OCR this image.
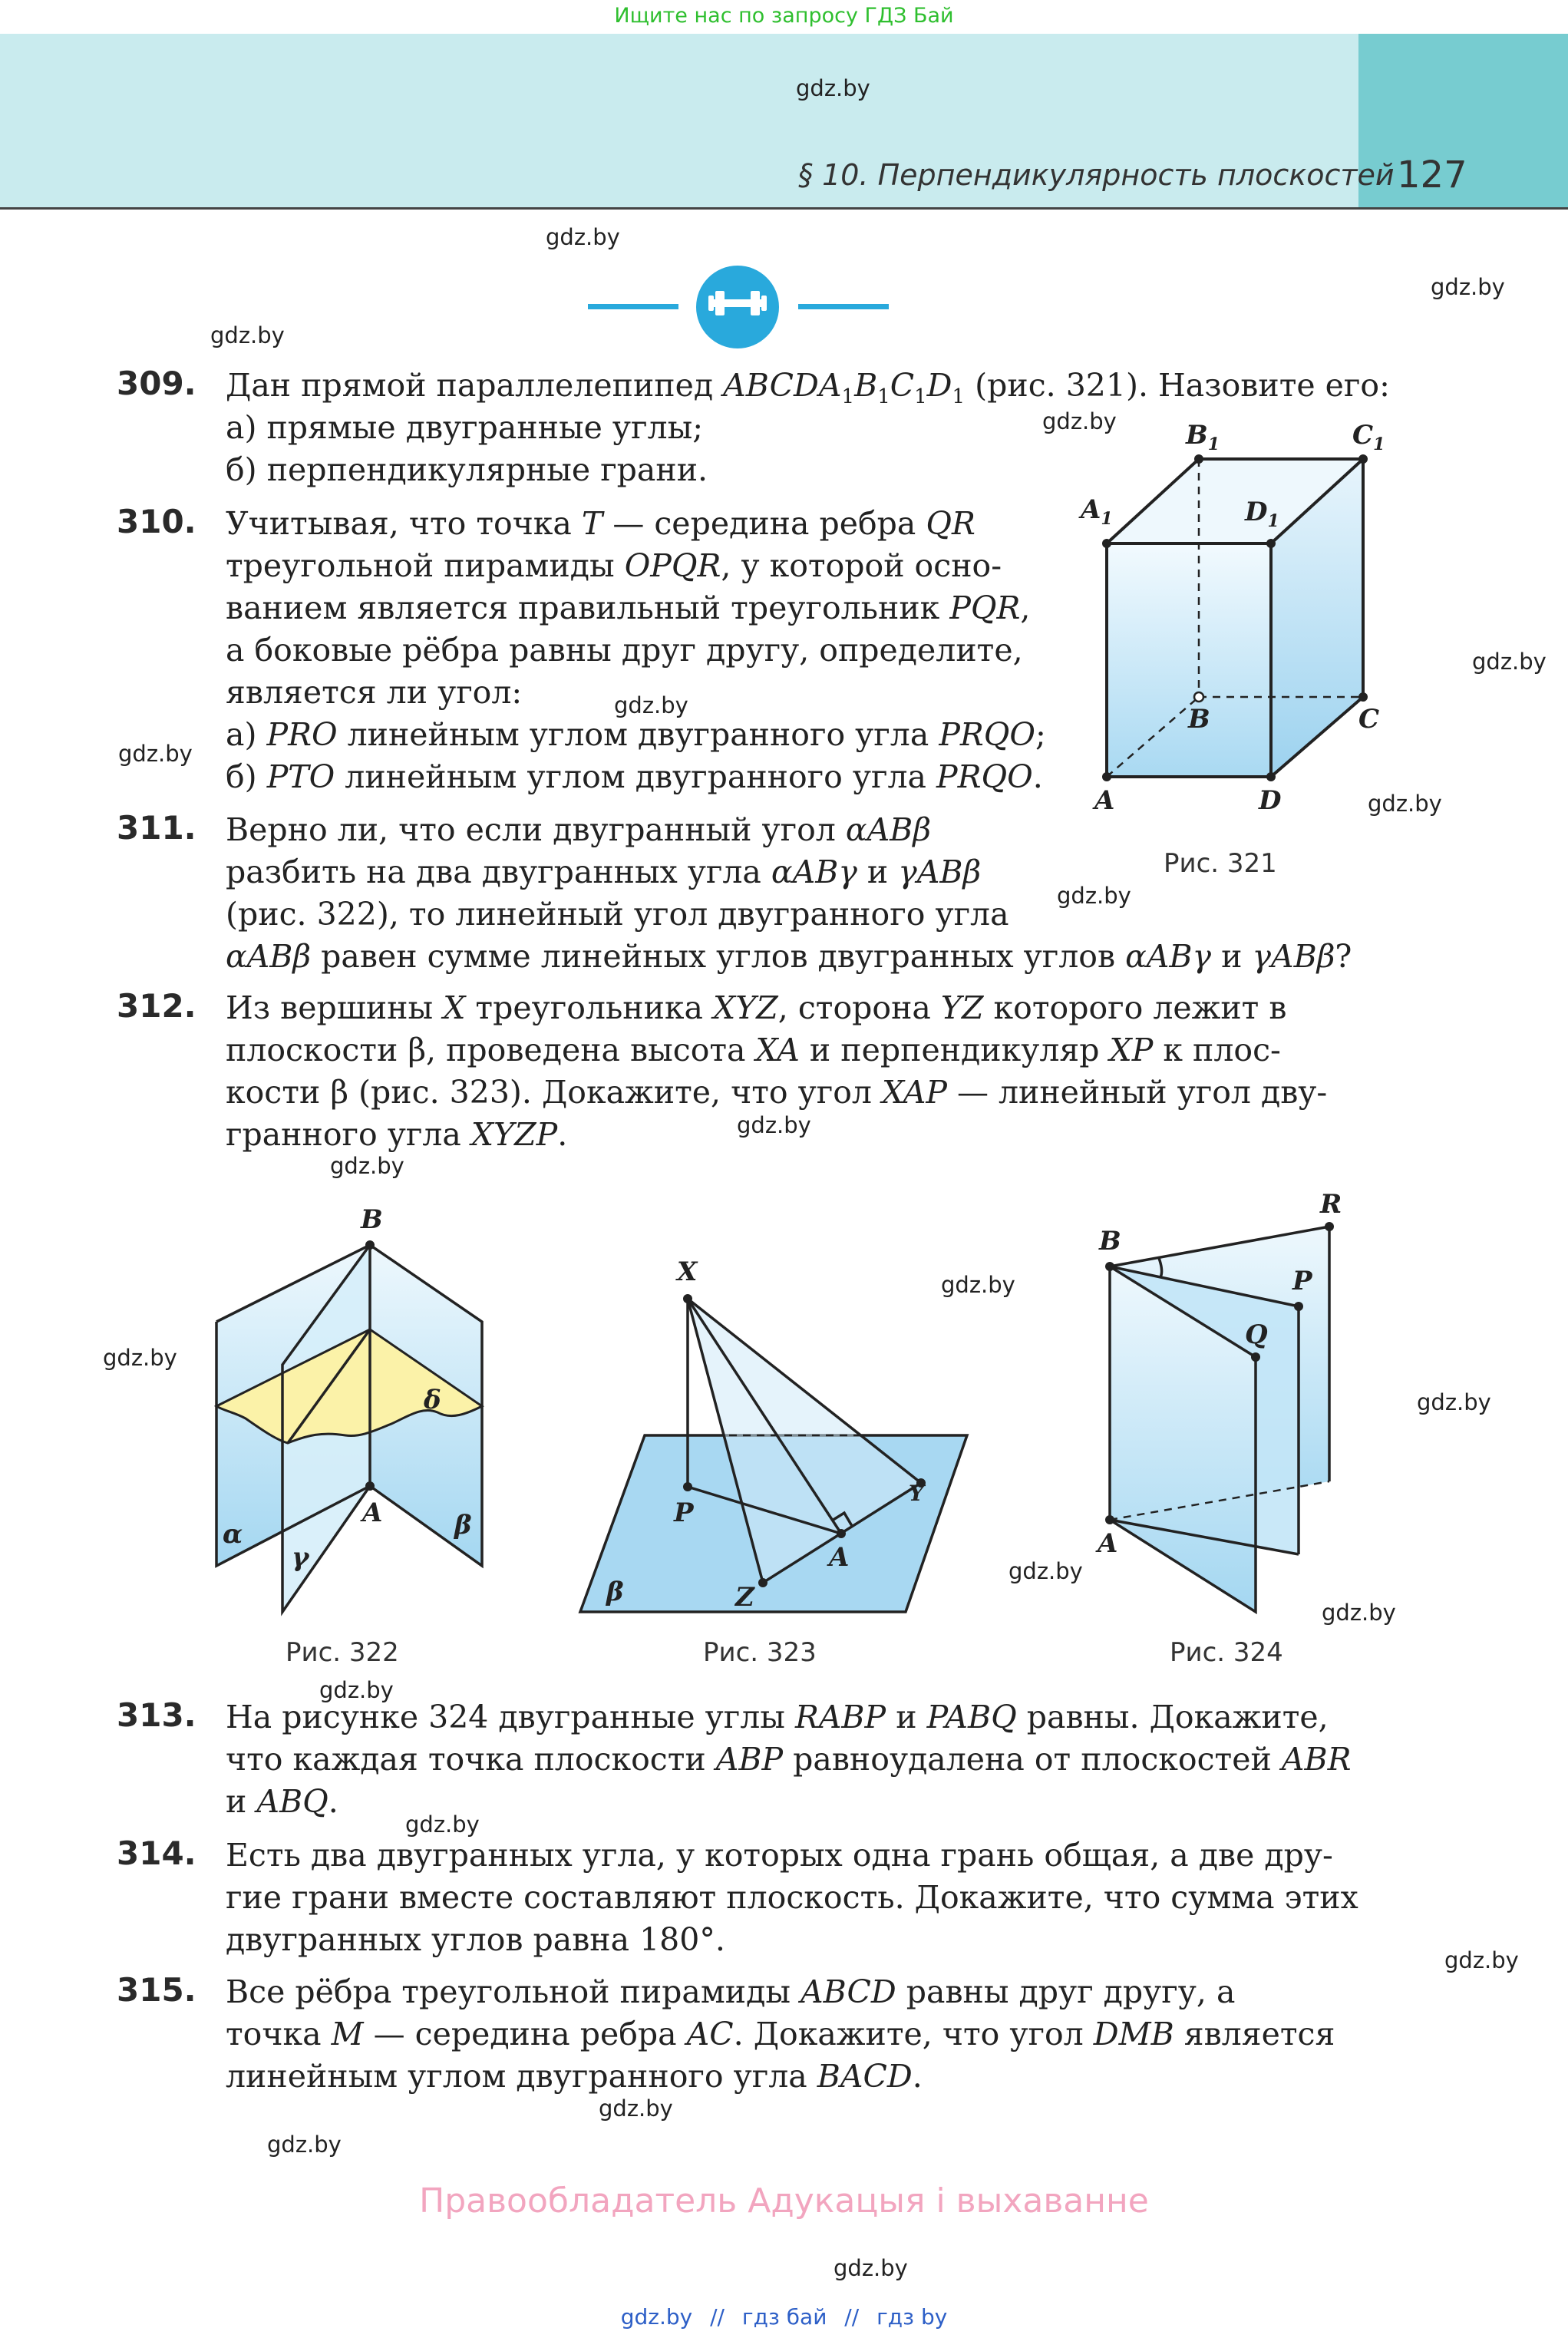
Ищите нас по запросу ГДЗ Бай
gdz.by
§ 10. Перпендикулярность плоскостей 127
gdz.by
gdz.by
gdz.by
gdz.by
gdz.by
gdz.by
gdz.by
gdz.by
gdz.by
gdz.by
gdz.by
gdz.by
gdz.by
gdz.by
gdz.by
gdz.by
gdz.by
gdz.by
gdz.by
gdz.by
gdz.by
gdz.by
309.
310.
311.
312.
313.
314.
315.
Дан прямой параллелепипед $ABCDA_1B_1C_1D_1$ (рис. 321). Назовите его:
а) прямые двугранные углы;
б) перпендикулярные грани.
Учитывая, что точка T — середина ребра QR
треугольной пирамиды OPQR, у которой осно-
ванием является правильный треугольник PQR,
а боковые рёбра равны друг другу, определите,
является ли угол:
а) PRO линейным углом двугранного угла PRQO;
б) PTO линейным углом двугранного угла PRQO.
Верно ли, что если двугранный угол αABβ
разбить на два двугранных угла αABγ и γABβ
(рис. 322), то линейный угол двугранного угла
αABβ равен сумме линейных углов двугранных углов αABγ и γABβ?
Из вершины X треугольника XYZ, сторона YZ которого лежит в
плоскости β, проведена высота XA и перпендикуляр XP к плос-
кости β (рис. 323). Докажите, что угол XAP — линейный угол дву-
гранного угла XYZP.
На рисунке 324 двугранные углы RABP и PABQ равны. Докажите,
что каждая точка плоскости ABP равноудалена от плоскостей ABR
и ABQ.
Есть два двугранных угла, у которых одна грань общая, а две дру-
гие грани вместе составляют плоскость. Докажите, что сумма этих
двугранных углов равна 180°.
Все рёбра треугольной пирамиды ABCD равны друг другу, а
точка M — середина ребра AC. Докажите, что угол DMB является
линейным углом двугранного угла BACD.
$A_1$
$B_1$	$C_1$
$D_1$
B	C
A	D
Рис. 321
B
A
α	β
γ
δ
Рис. 322
X
P
A
Y
Z
β
Рис. 323
B
R
P
Q
A
Рис. 324
Правообладатель Адукацыя і выхаванне
gdz.by // гдз бай // гдз by
